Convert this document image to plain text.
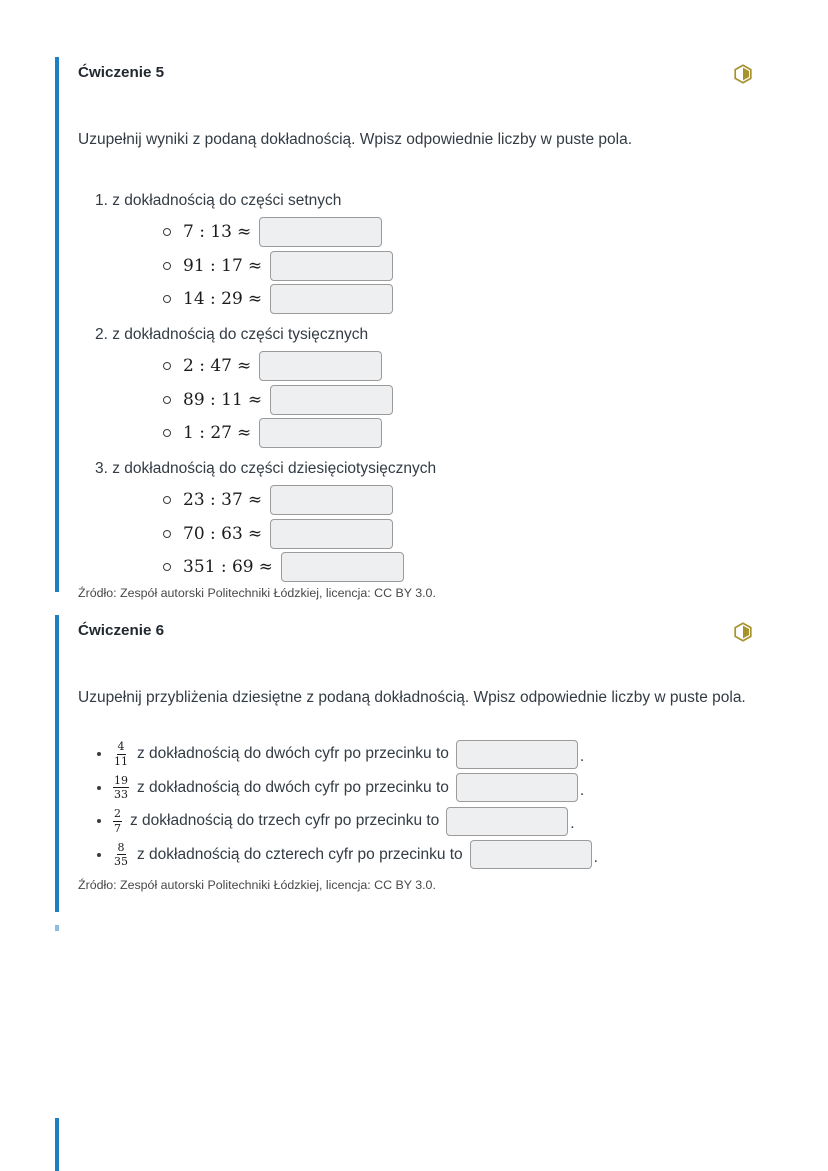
Ćwiczenie 5

Uzupełnij wyniki z podaną dokładnością. Wpisz odpowiednie liczby w puste pola.

1. z dokładnością do części setnych
7 : 13 ≈
91 : 17 ≈
14 : 29 ≈
2. z dokładnością do części tysięcznych
2 : 47 ≈
89 : 11 ≈
1 : 27 ≈
3. z dokładnością do części dziesięciotysięcznych
23 : 37 ≈
70 : 63 ≈
351 : 69 ≈

Źródło: Zespół autorski Politechniki Łódzkiej, licencja: CC BY 3.0.

Ćwiczenie 6

Uzupełnij przybliżenia dziesiętne z podaną dokładnością. Wpisz odpowiednie liczby w puste pola.

$\frac{4}{11}$ z dokładnością do dwóch cyfr po przecinku to	.
$\frac{19}{33}$ z dokładnością do dwóch cyfr po przecinku to	.
$\frac{2}{7}$ z dokładnością do trzech cyfr po przecinku to	.
$\frac{8}{35}$ z dokładnością do czterech cyfr po przecinku to	.

Źródło: Zespół autorski Politechniki Łódzkiej, licencja: CC BY 3.0.
